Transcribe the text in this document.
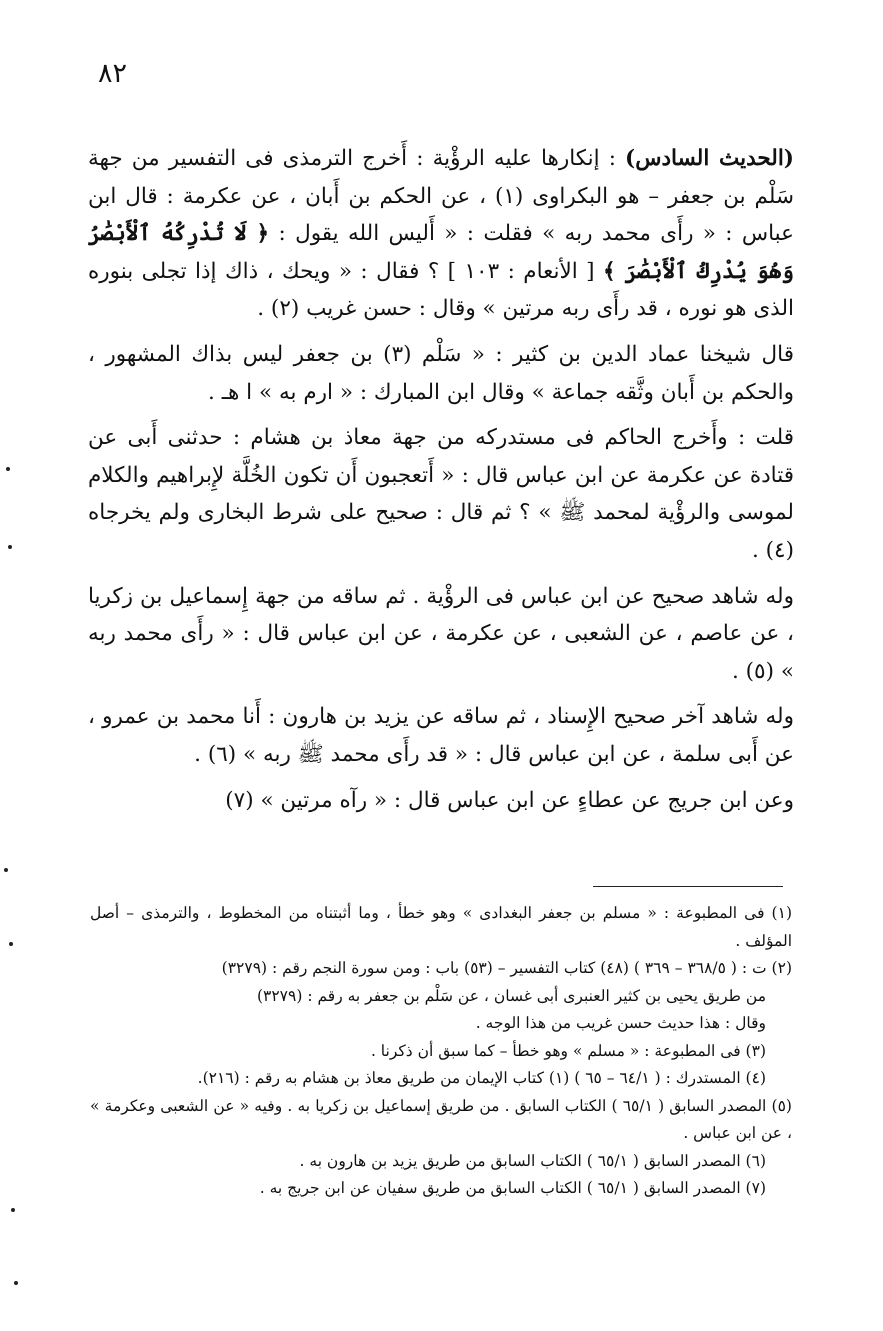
٨٢

(الحديث السادس) : إنكارها عليه الرؤْية : أَخرج الترمذى فى التفسير من جهة سَلْم بن جعفر – هو البكراوى (١) ، عن الحكم بن أَبان ، عن عكرمة : قال ابن عباس : « رأَى محمد ربه » فقلت : « أَليس الله يقول : ﴿ لَا تُدْرِكُهُ ٱلْأَبْصَٰرُ وَهُوَ يُدْرِكُ ٱلْأَبْصَٰرَ ﴾ [ الأنعام : ١٠٣ ] ؟ فقال : « ويحك ، ذاك إذا تجلى بنوره الذى هو نوره ، قد رأَى ربه مرتين » وقال : حسن غريب (٢) .

قال شيخنا عماد الدين بن كثير : « سَلْم (٣) بن جعفر ليس بذاك المشهور ، والحكم بن أَبان وثَّقه جماعة » وقال ابن المبارك : « ارم به » ا هـ .

قلت : وأَخرج الحاكم فى مستدركه من جهة معاذ بن هشام : حدثنى أَبى عن قتادة عن عكرمة عن ابن عباس قال : « أَتعجبون أَن تكون الخُلَّة لإِبراهيم والكلام لموسى والرؤْية لمحمد ﷺ » ؟ ثم قال : صحيح على شرط البخارى ولم يخرجاه (٤) .

وله شاهد صحيح عن ابن عباس فى الرؤْية . ثم ساقه من جهة إِسماعيل بن زكريا ، عن عاصم ، عن الشعبى ، عن عكرمة ، عن ابن عباس قال : « رأَى محمد ربه » (٥) .

وله شاهد آخر صحيح الإِسناد ، ثم ساقه عن يزيد بن هارون : أَنا محمد بن عمرو ، عن أَبى سلمة ، عن ابن عباس قال : « قد رأَى محمد ﷺ ربه » (٦) .

وعن ابن جريج عن عطاءٍ عن ابن عباس قال : « رآه مرتين » (٧)

(١) فى المطبوعة : « مسلم بن جعفر البغدادى » وهو خطأ ، وما أثبتناه من المخطوط ، والترمذى – أصل المؤلف .

(٢) ت : ( ٣٦٨/٥ – ٣٦٩ ) (٤٨) كتاب التفسير – (٥٣) باب : ومن سورة النجم رقم : (٣٢٧٩)

من طريق يحيى بن كثير العنبرى أبى غسان ، عن سَلْم بن جعفر به رقم : (٣٢٧٩)

وقال : هذا حديث حسن غريب من هذا الوجه .

(٣) فى المطبوعة : « مسلم » وهو خطأ – كما سبق أن ذكرنا .

(٤) المستدرك : ( ٦٤/١ – ٦٥ ) (١) كتاب الإيمان من طريق معاذ بن هشام به رقم : (٢١٦).

(٥) المصدر السابق ( ٦٥/١ ) الكتاب السابق . من طريق إسماعيل بن زكريا به . وفيه « عن الشعبى وعكرمة » ، عن ابن عباس .

(٦) المصدر السابق ( ٦٥/١ ) الكتاب السابق من طريق يزيد بن هارون به .

(٧) المصدر السابق ( ٦٥/١ ) الكتاب السابق من طريق سفيان عن ابن جريج به .
